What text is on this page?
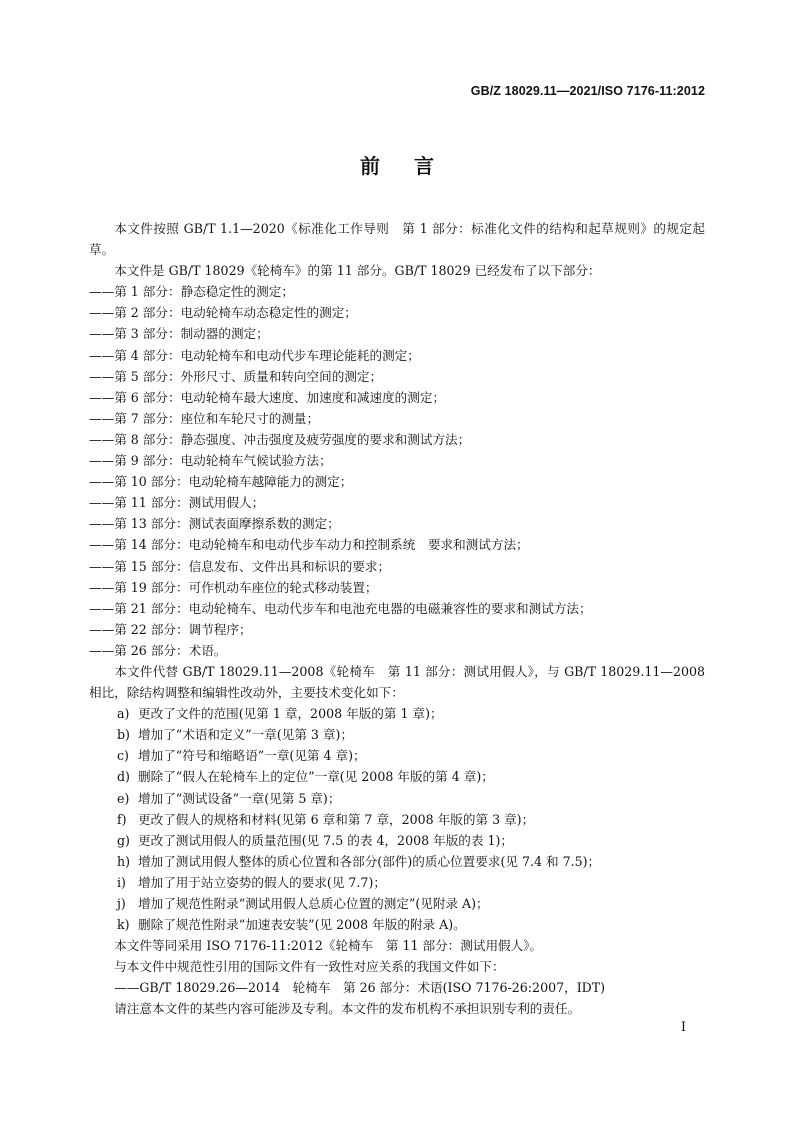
GB/Z 18029.11—2021/ISO 7176-11:2012
前言

本文件按照 GB/T 1.1—2020《标准化工作导则　第 1 部分：标准化文件的结构和起草规则》的规定起草。

本文件是 GB/T 18029《轮椅车》的第 11 部分。GB/T 18029 已经发布了以下部分：

——第 1 部分：静态稳定性的测定；

——第 2 部分：电动轮椅车动态稳定性的测定；

——第 3 部分：制动器的测定；

——第 4 部分：电动轮椅车和电动代步车理论能耗的测定；

——第 5 部分：外形尺寸、质量和转向空间的测定；

——第 6 部分：电动轮椅车最大速度、加速度和减速度的测定；

——第 7 部分：座位和车轮尺寸的测量；

——第 8 部分：静态强度、冲击强度及疲劳强度的要求和测试方法；

——第 9 部分：电动轮椅车气候试验方法；

——第 10 部分：电动轮椅车越障能力的测定；

——第 11 部分：测试用假人；

——第 13 部分：测试表面摩擦系数的测定；

——第 14 部分：电动轮椅车和电动代步车动力和控制系统　要求和测试方法；

——第 15 部分：信息发布、文件出具和标识的要求；

——第 19 部分：可作机动车座位的轮式移动装置；

——第 21 部分：电动轮椅车、电动代步车和电池充电器的电磁兼容性的要求和测试方法；

——第 22 部分：调节程序；

——第 26 部分：术语。

本文件代替 GB/T 18029.11—2008《轮椅车　第 11 部分：测试用假人》，与 GB/T 18029.11—2008 相比，除结构调整和编辑性改动外，主要技术变化如下：

a) 更改了文件的范围(见第 1 章，2008 年版的第 1 章)；

b) 增加了“术语和定义”一章(见第 3 章)；

c) 增加了“符号和缩略语”一章(见第 4 章)；

d) 删除了“假人在轮椅车上的定位”一章(见 2008 年版的第 4 章)；

e) 增加了“测试设备”一章(见第 5 章)；

f) 更改了假人的规格和材料(见第 6 章和第 7 章，2008 年版的第 3 章)；

g) 更改了测试用假人的质量范围(见 7.5 的表 4，2008 年版的表 1)；

h) 增加了测试用假人整体的质心位置和各部分(部件)的质心位置要求(见 7.4 和 7.5)；

i) 增加了用于站立姿势的假人的要求(见 7.7)；

j) 增加了规范性附录“测试用假人总质心位置的测定”(见附录 A)；

k) 删除了规范性附录“加速表安装”(见 2008 年版的附录 A)。

本文件等同采用 ISO 7176-11:2012《轮椅车　第 11 部分：测试用假人》。

与本文件中规范性引用的国际文件有一致性对应关系的我国文件如下：

——GB/T 18029.26—2014　轮椅车　第 26 部分：术语(ISO 7176-26:2007，IDT)

请注意本文件的某些内容可能涉及专利。本文件的发布机构不承担识别专利的责任。

I
